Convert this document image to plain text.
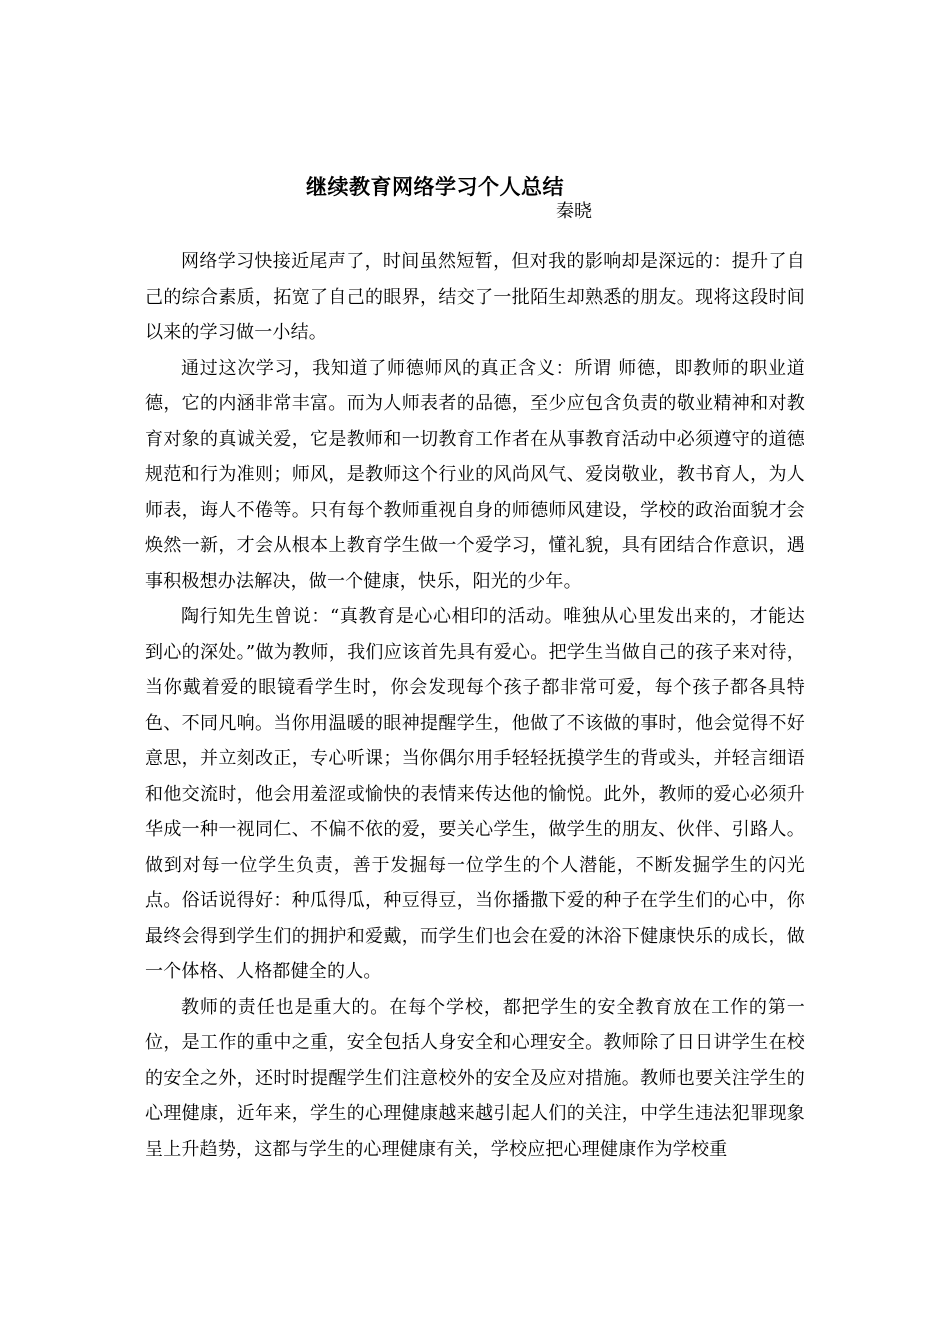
继续教育网络学习个人总结
秦晓

网络学习快接近尾声了，时间虽然短暂，但对我的影响却是深远的：提升了自己的综合素质，拓宽了自己的眼界，结交了一批陌生却熟悉的朋友。现将这段时间以来的学习做一小结。

通过这次学习，我知道了师德师风的真正含义：所谓 师德，即教师的职业道德，它的内涵非常丰富。而为人师表者的品德，至少应包含负责的敬业精神和对教育对象的真诚关爱，它是教师和一切教育工作者在从事教育活动中必须遵守的道德规范和行为准则；师风，是教师这个行业的风尚风气、爱岗敬业，教书育人，为人师表，诲人不倦等。只有每个教师重视自身的师德师风建设，学校的政治面貌才会焕然一新，才会从根本上教育学生做一个爱学习，懂礼貌，具有团结合作意识，遇事积极想办法解决，做一个健康，快乐，阳光的少年。

陶行知先生曾说：“真教育是心心相印的活动。唯独从心里发出来的，才能达到心的深处。”做为教师，我们应该首先具有爱心。把学生当做自己的孩子来对待，当你戴着爱的眼镜看学生时，你会发现每个孩子都非常可爱，每个孩子都各具特色、不同凡响。当你用温暖的眼神提醒学生，他做了不该做的事时，他会觉得不好意思，并立刻改正，专心听课；当你偶尔用手轻轻抚摸学生的背或头，并轻言细语和他交流时，他会用羞涩或愉快的表情来传达他的愉悦。此外，教师的爱心必须升华成一种一视同仁、不偏不依的爱，要关心学生，做学生的朋友、伙伴、引路人。做到对每一位学生负责，善于发掘每一位学生的个人潜能，不断发掘学生的闪光点。俗话说得好：种瓜得瓜，种豆得豆，当你播撒下爱的种子在学生们的心中，你最终会得到学生们的拥护和爱戴，而学生们也会在爱的沐浴下健康快乐的成长，做一个体格、人格都健全的人。

教师的责任也是重大的。在每个学校，都把学生的安全教育放在工作的第一位，是工作的重中之重，安全包括人身安全和心理安全。教师除了日日讲学生在校的安全之外，还时时提醒学生们注意校外的安全及应对措施。教师也要关注学生的心理健康，近年来，学生的心理健康越来越引起人们的关注，中学生违法犯罪现象呈上升趋势，这都与学生的心理健康有关，学校应把心理健康作为学校重
